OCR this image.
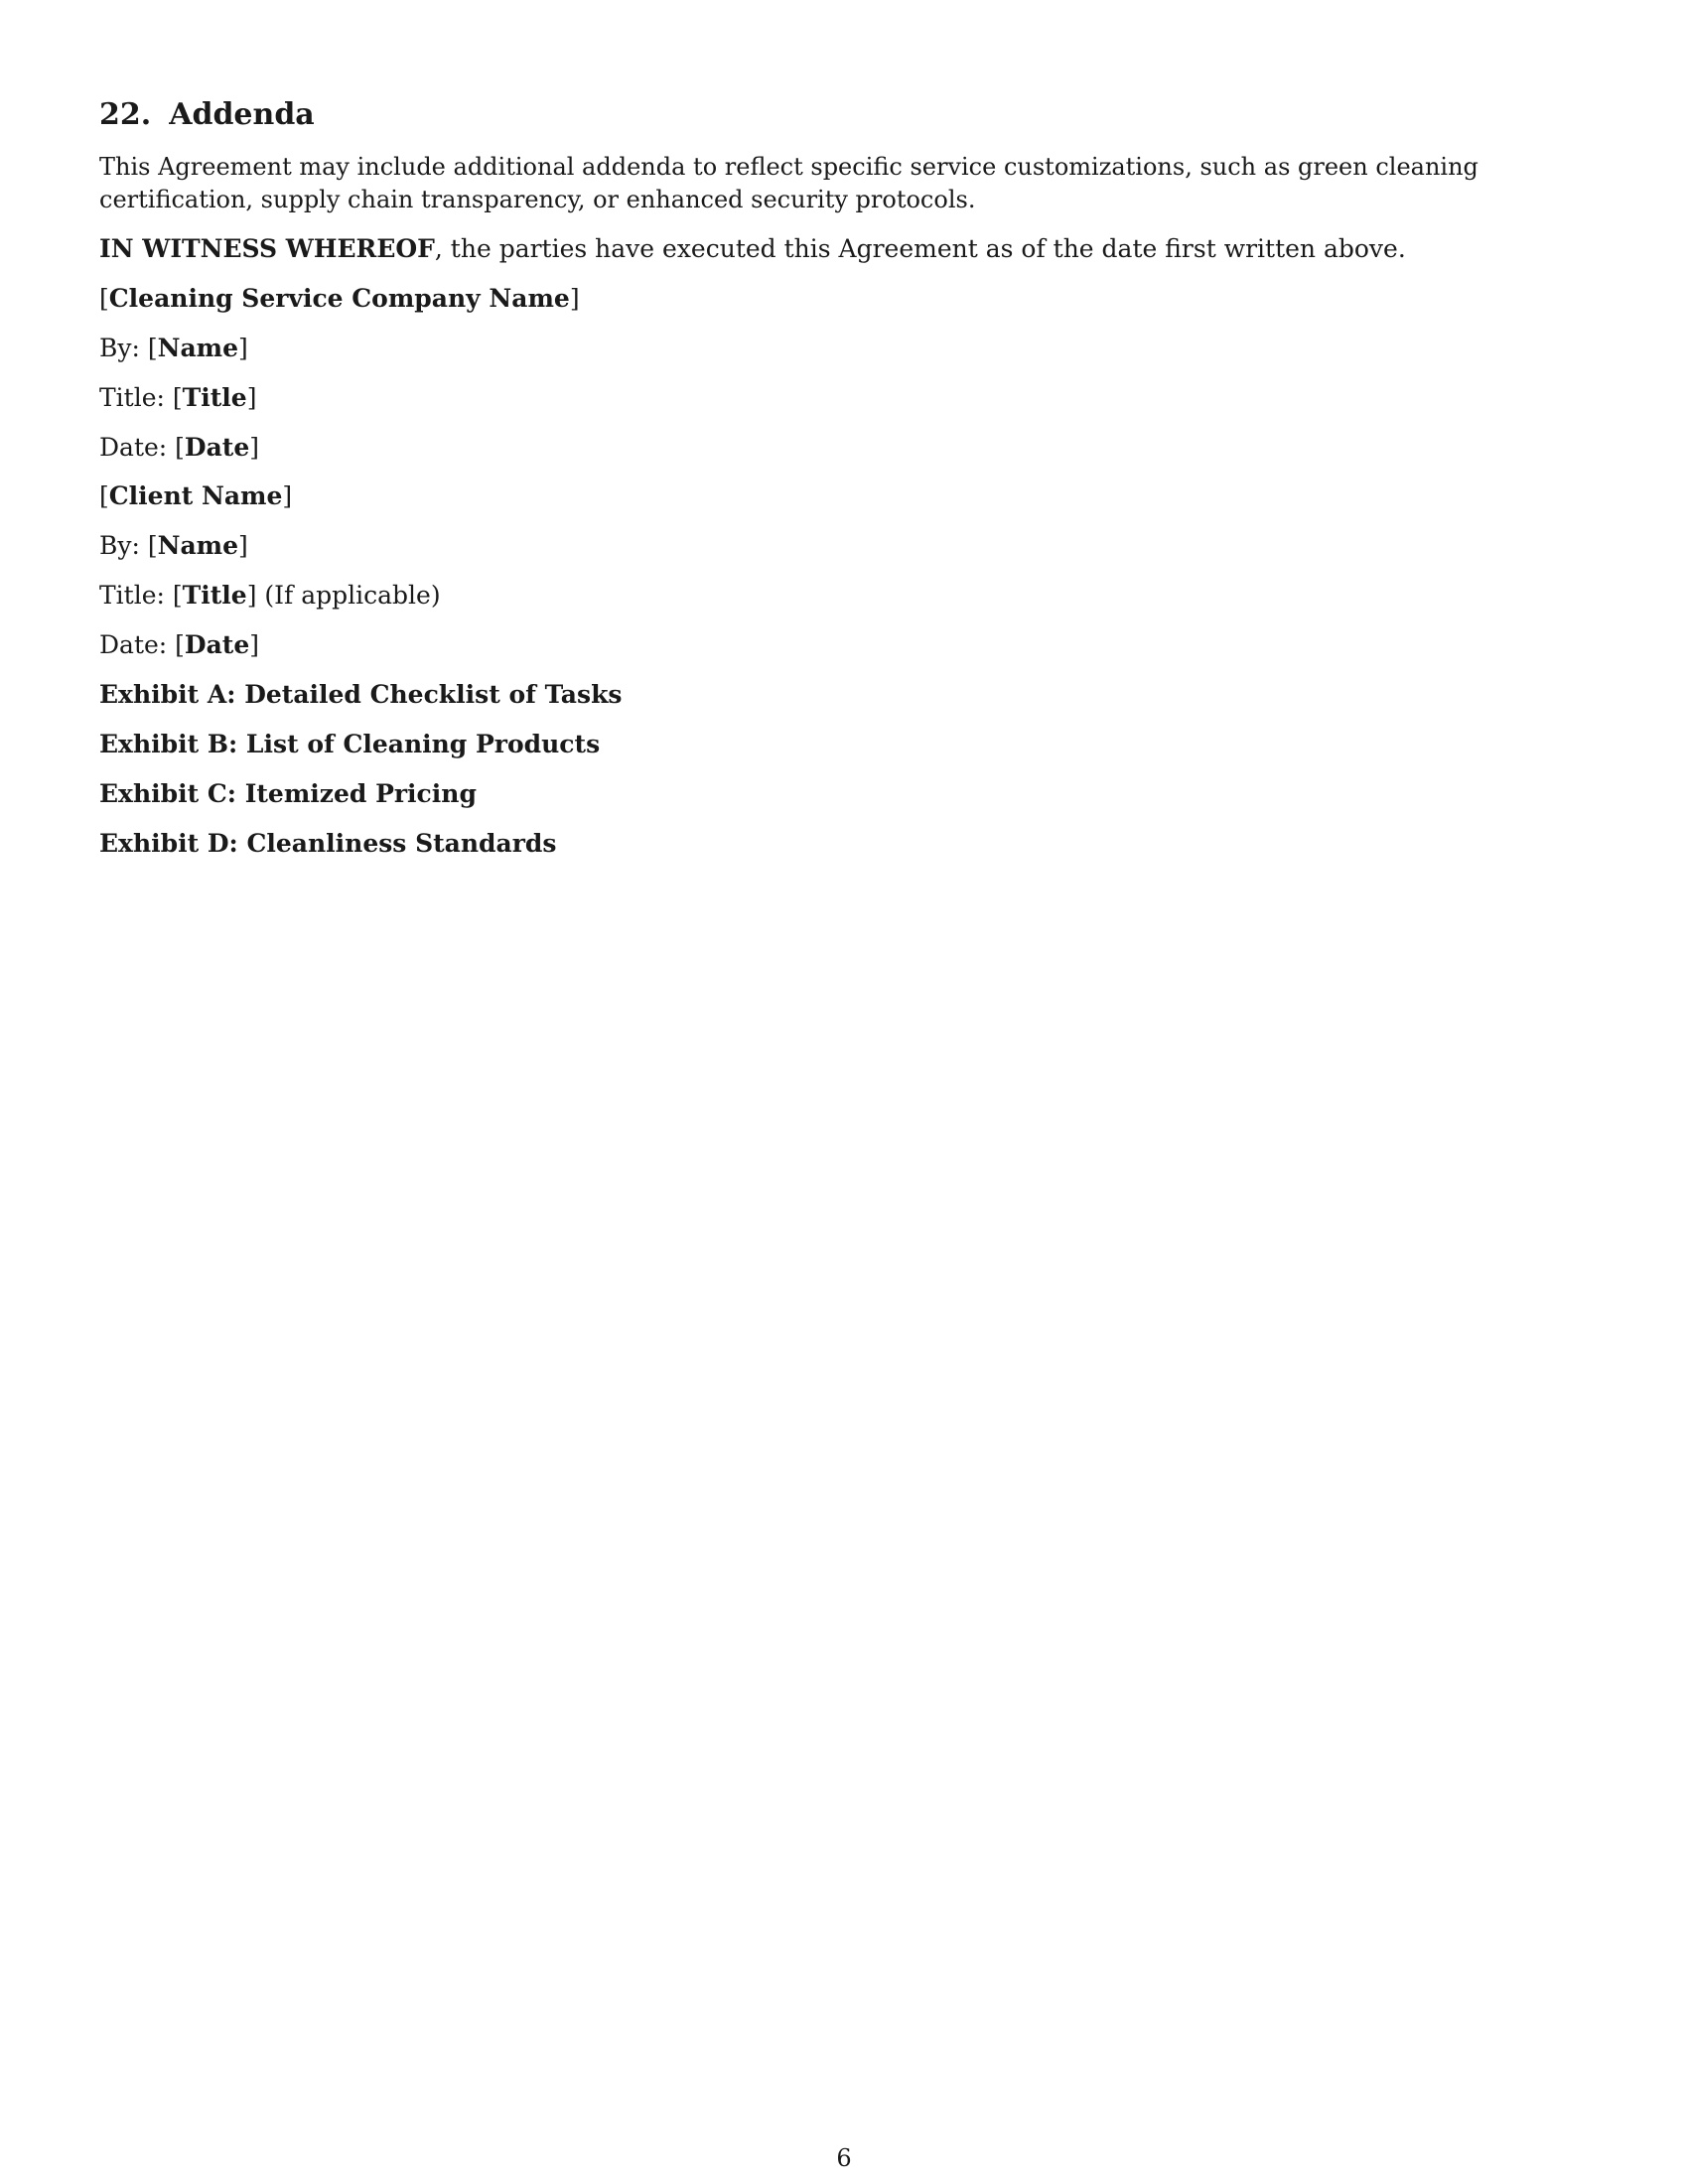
22. Addenda

This Agreement may include additional addenda to reflect specific service customizations, such as green cleaning certification, supply chain transparency, or enhanced security protocols.

IN WITNESS WHEREOF, the parties have executed this Agreement as of the date first written above.

[Cleaning Service Company Name]

By: [Name]

Title: [Title]

Date: [Date]

[Client Name]

By: [Name]

Title: [Title] (If applicable)

Date: [Date]

Exhibit A: Detailed Checklist of Tasks

Exhibit B: List of Cleaning Products

Exhibit C: Itemized Pricing

Exhibit D: Cleanliness Standards

6
